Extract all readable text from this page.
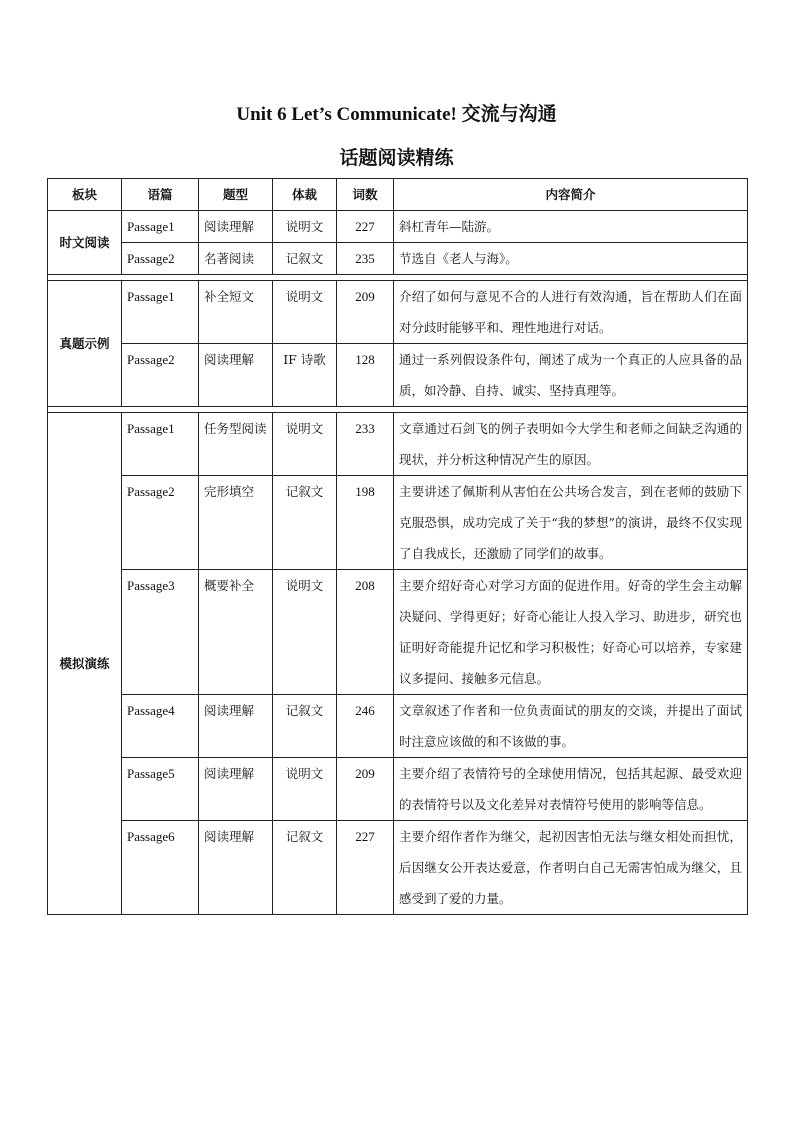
Unit 6 Let’s Communicate! 交流与沟通
话题阅读精练
板块	语篇	题型	体裁	词数	内容简介
时文阅读	Passage1	阅读理解	说明文	227	斜杠青年—陆游。
	Passage2	名著阅读	记叙文	235	节选自《老人与海》。

真题示例	Passage1	补全短文	说明文	209	介绍了如何与意见不合的人进行有效沟通，旨在帮助人们在面对分歧时能够平和、理性地进行对话。
	Passage2	阅读理解	IF 诗歌	128	通过一系列假设条件句，阐述了成为一个真正的人应具备的品质，如冷静、自持、诚实、坚持真理等。

模拟演练	Passage1	任务型阅读	说明文	233	文章通过石剑飞的例子表明如今大学生和老师之间缺乏沟通的现状，并分析这种情况产生的原因。
	Passage2	完形填空	记叙文	198	主要讲述了佩斯利从害怕在公共场合发言，到在老师的鼓励下克服恐惧，成功完成了关于“我的梦想”的演讲，最终不仅实现了自我成长，还激励了同学们的故事。
	Passage3	概要补全	说明文	208	主要介绍好奇心对学习方面的促进作用。好奇的学生会主动解决疑问、学得更好；好奇心能让人投入学习、助进步，研究也证明好奇能提升记忆和学习积极性；好奇心可以培养，专家建议多提问、接触多元信息。
	Passage4	阅读理解	记叙文	246	文章叙述了作者和一位负责面试的朋友的交谈，并提出了面试时注意应该做的和不该做的事。
	Passage5	阅读理解	说明文	209	主要介绍了表情符号的全球使用情况，包括其起源、最受欢迎的表情符号以及文化差异对表情符号使用的影响等信息。
	Passage6	阅读理解	记叙文	227	主要介绍作者作为继父，起初因害怕无法与继女相处而担忧，后因继女公开表达爱意，作者明白自己无需害怕成为继父，且感受到了爱的力量。
